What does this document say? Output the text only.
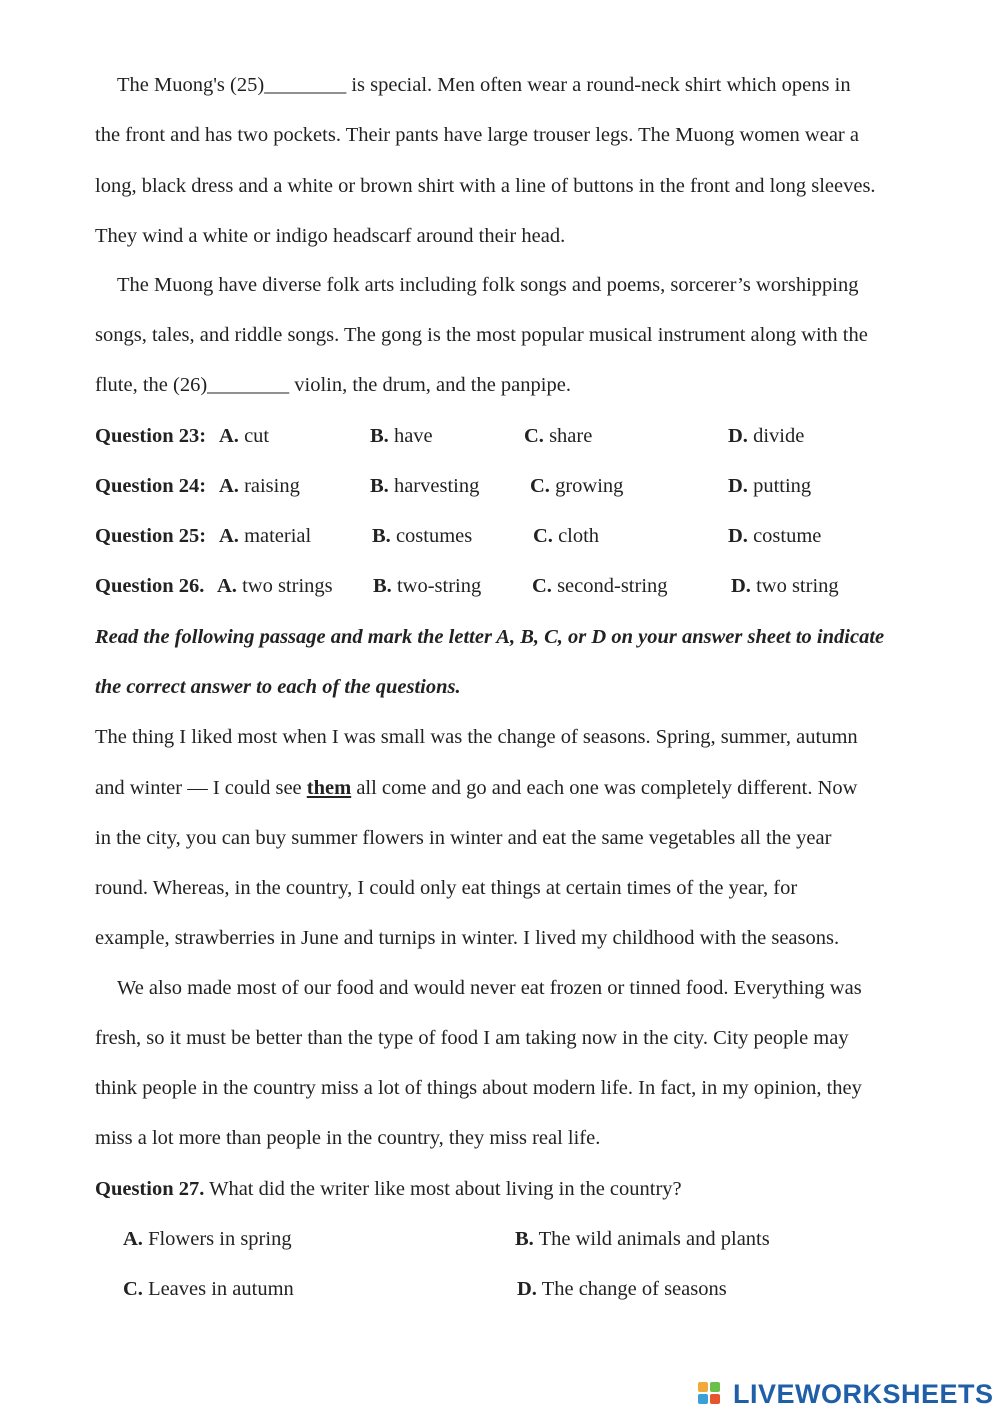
The Muong's (25)________ is special. Men often wear a round-neck shirt which opens in
the front and has two pockets. Their pants have large trouser legs. The Muong women wear a
long, black dress and a white or brown shirt with a line of buttons in the front and long sleeves.
They wind a white or indigo headscarf around their head.
The Muong have diverse folk arts including folk songs and poems, sorcerer’s worshipping
songs, tales, and riddle songs. The gong is the most popular musical instrument along with the
flute, the (26)________ violin, the drum, and the panpipe.
Question 23: A. cut	B. have	C. share	D. divide
Question 24: A. raising	B. harvesting C. growing	D. putting
Question 25: A. material	B. costumes	C. cloth	D. costume
Question 26. A. two strings B. two-string C. second-string	D. two string
Read the following passage and mark the letter A, B, C, or D on your answer sheet to indicate
the correct answer to each of the questions.
The thing I liked most when I was small was the change of seasons. Spring, summer, autumn
and winter — I could see them all come and go and each one was completely different. Now
in the city, you can buy summer flowers in winter and eat the same vegetables all the year
round. Whereas, in the country, I could only eat things at certain times of the year, for
example, strawberries in June and turnips in winter. I lived my childhood with the seasons.
We also made most of our food and would never eat frozen or tinned food. Everything was
fresh, so it must be better than the type of food I am taking now in the city. City people may
think people in the country miss a lot of things about modern life. In fact, in my opinion, they
miss a lot more than people in the country, they miss real life.
Question 27. What did the writer like most about living in the country?
A. Flowers in spring	B. The wild animals and plants
C. Leaves in autumn	D. The change of seasons
LIVEWORKSHEETS
